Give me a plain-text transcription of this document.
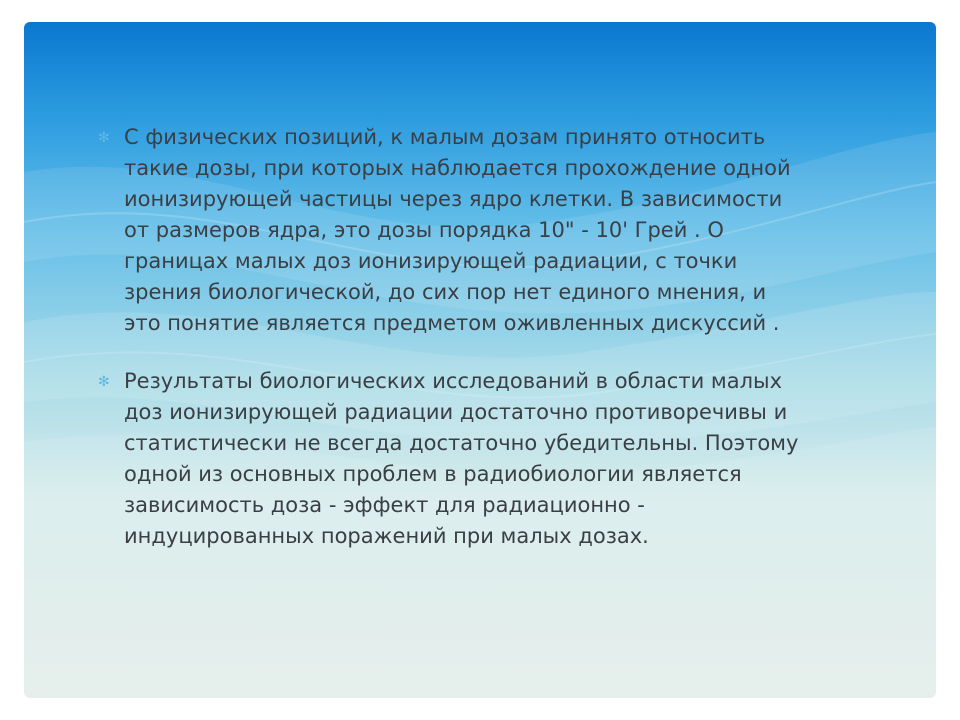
✻ С физических позиций, к малым дозам принято относить
такие дозы, при которых наблюдается прохождение одной
ионизирующей частицы через ядро клетки. В зависимости
от размеров ядра, это дозы порядка 10" - 10' Грей . О
границах малых доз ионизирующей радиации, с точки
зрения биологической, до сих пор нет единого мнения, и
это понятие является предметом оживленных дискуссий .

✻ Результаты биологических исследований в области малых
доз ионизирующей радиации достаточно противоречивы и
статистически не всегда достаточно убедительны. Поэтому
одной из основных проблем в радиобиологии является
зависимость доза - эффект для радиационно -
индуцированных поражений при малых дозах.
